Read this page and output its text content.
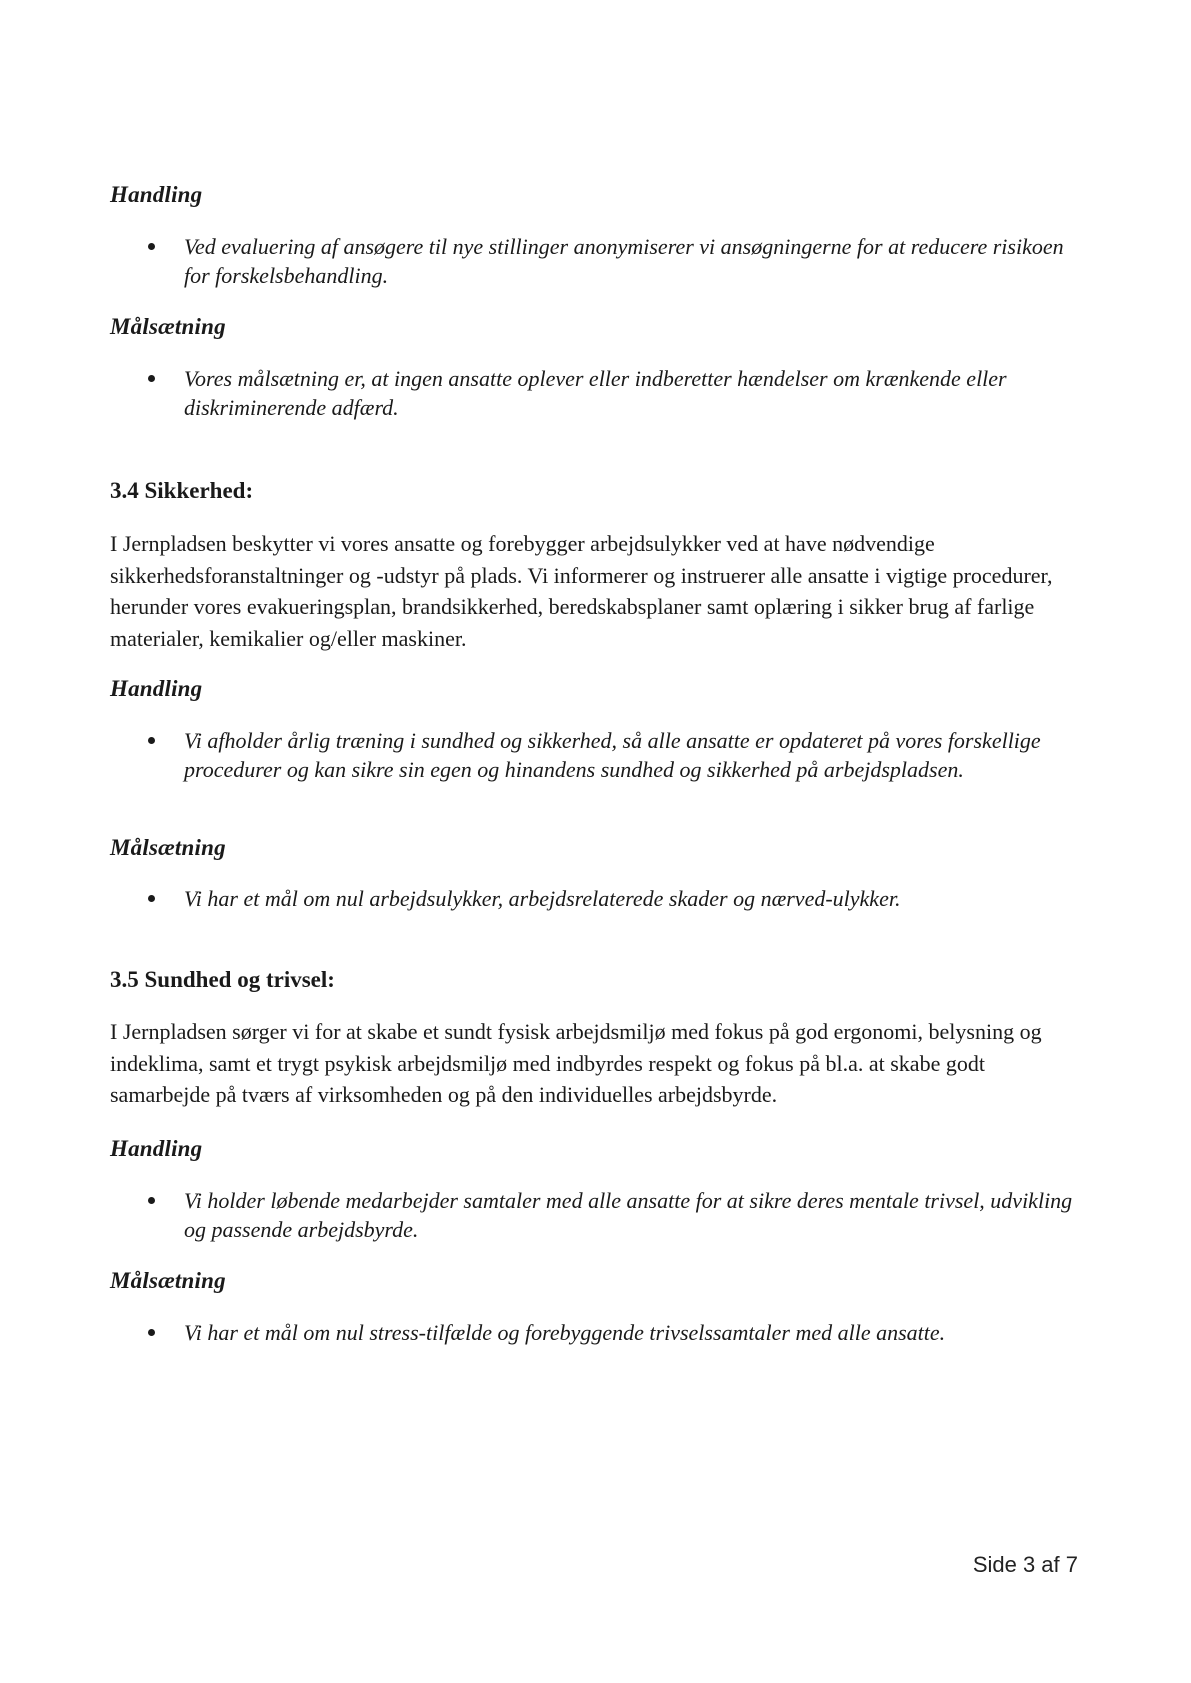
Handling
Ved evaluering af ansøgere til nye stillinger anonymiserer vi ansøgningerne for at reducere risikoen for forskelsbehandling.
Målsætning
Vores målsætning er, at ingen ansatte oplever eller indberetter hændelser om krænkende eller diskriminerende adfærd.
3.4 Sikkerhed:
I Jernpladsen beskytter vi vores ansatte og forebygger arbejdsulykker ved at have nødvendige sikkerhedsforanstaltninger og -udstyr på plads. Vi informerer og instruerer alle ansatte i vigtige procedurer, herunder vores evakueringsplan, brandsikkerhed, beredskabsplaner samt oplæring i sikker brug af farlige materialer, kemikalier og/eller maskiner.
Handling
Vi afholder årlig træning i sundhed og sikkerhed, så alle ansatte er opdateret på vores forskellige procedurer og kan sikre sin egen og hinandens sundhed og sikkerhed på arbejdspladsen.
Målsætning
Vi har et mål om nul arbejdsulykker, arbejdsrelaterede skader og nærved-ulykker.
3.5 Sundhed og trivsel:
I Jernpladsen sørger vi for at skabe et sundt fysisk arbejdsmiljø med fokus på god ergonomi, belysning og indeklima, samt et trygt psykisk arbejdsmiljø med indbyrdes respekt og fokus på bl.a. at skabe godt samarbejde på tværs af virksomheden og på den individuelles arbejdsbyrde.
Handling
Vi holder løbende medarbejder samtaler med alle ansatte for at sikre deres mentale trivsel, udvikling og passende arbejdsbyrde.
Målsætning
Vi har et mål om nul stress-tilfælde og forebyggende trivselssamtaler med alle ansatte.
Side 3 af 7
